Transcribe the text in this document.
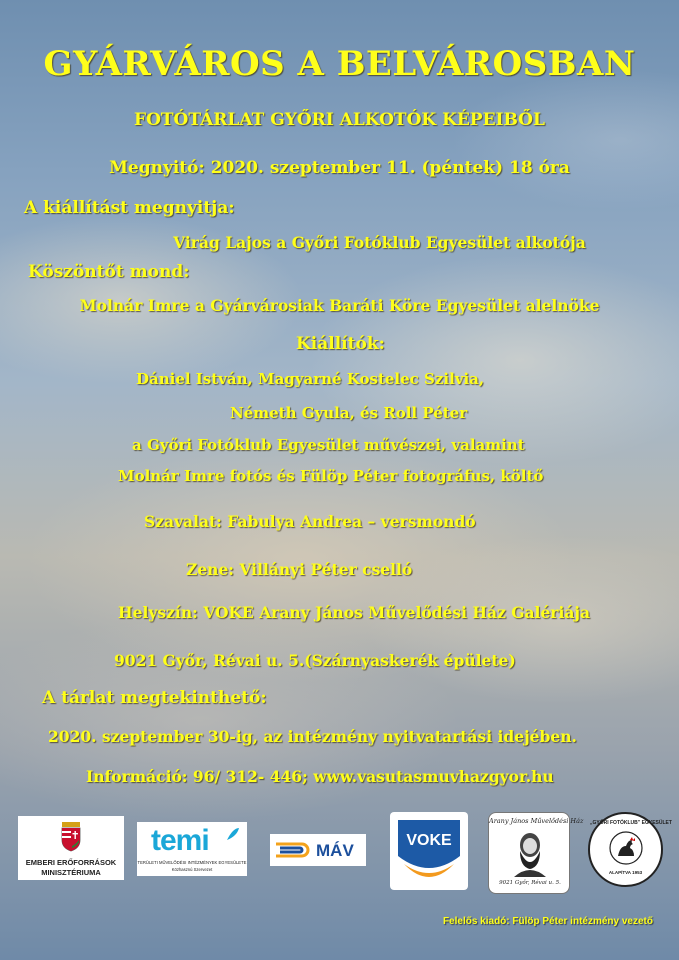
GYÁRVÁROS A BELVÁROSBAN

FOTÓTÁRLAT GYŐRI ALKOTÓK KÉPEIBŐL

Megnyitó: 2020. szeptember 11. (péntek) 18 óra

A kiállítást megnyitja:

Virág Lajos a Győri Fotóklub Egyesület alkotója

Köszöntőt mond:

Molnár Imre a Gyárvárosiak Baráti Köre Egyesület alelnöke

Kiállítók:

Dániel István, Magyarné Kostelec Szilvia,

Németh Gyula, és Roll Péter

a Győri Fotóklub Egyesület művészei, valamint

Molnár Imre fotós és Fülöp Péter fotográfus, költő

Szavalat: Fabulya Andrea – versmondó

Zene: Villányi Péter cselló

Helyszín: VOKE Arany János Művelődési Ház Galériája

9021 Győr, Révai u. 5.(Szárnyaskerék épülete)

A tárlat megtekinthető:

2020. szeptember 30-ig, az intézmény nyitvatartási idejében.

Információ: 96/ 312- 446; www.vasutasmuvhazgyor.hu

EMBERI ERŐFORRÁSOK

MINISZTÉRIUMA

temi

TERÜLETI MŰVELŐDÉSI INTÉZMÉNYEK EGYESÜLETE

Közhasznú Szervezet

MÁV

VOKE

Arany János Művelődési Ház

9021 Győr, Révai u. 5.

„GYŐRI FOTÓKLUB” EGYESÜLET

ALAPÍTVA 1953

Felelős kiadó: Fülöp Péter intézmény vezető
